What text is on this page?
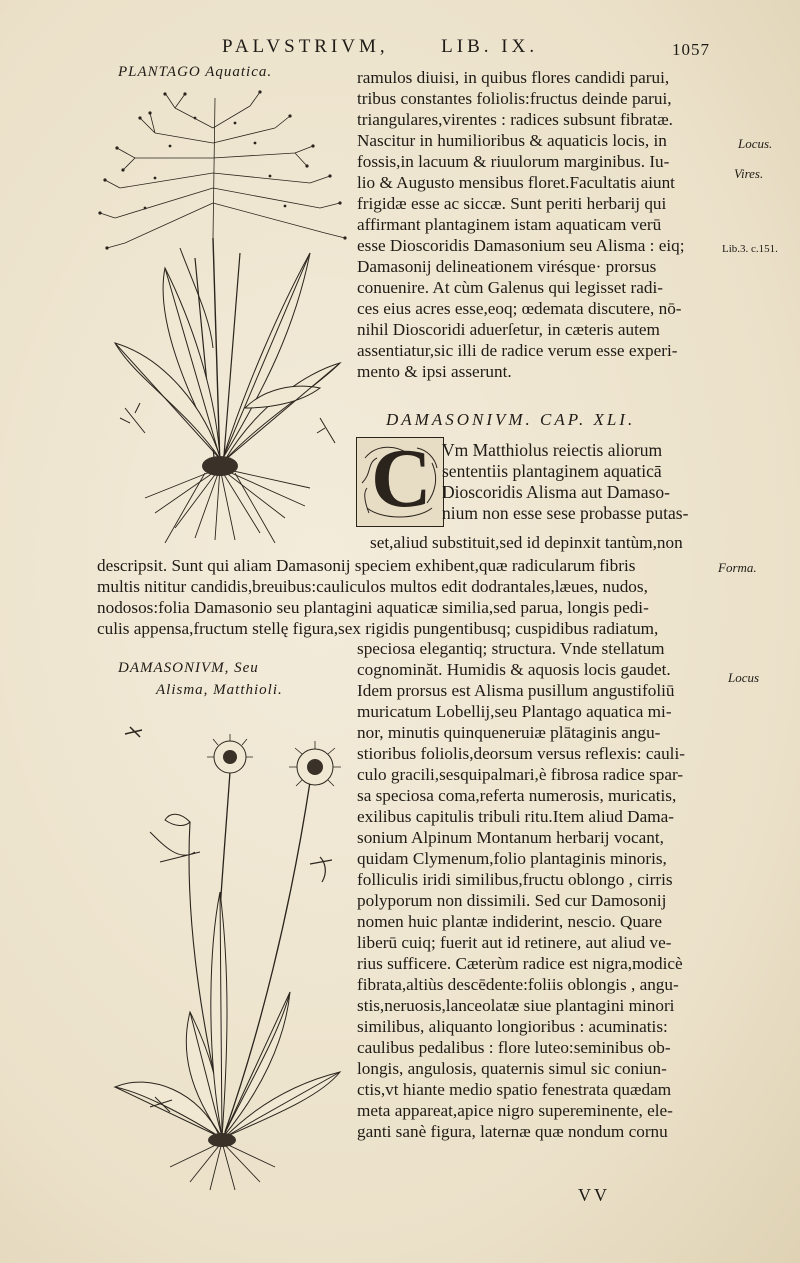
PALVSTRIVM,      LIB. IX.	1057
PLANTAGO Aquatica.	ramulos diuisi, in quibus flores candidi parui,
tribus constantes foliolis:fructus deinde parui,
triangulares,virentes : radices subsunt fibratæ.
Nascitur in humilioribus & aquaticis locis, in
fossis,in lacuum & riuulorum marginibus. Iu-
lio & Augusto mensibus floret.Facultatis aiunt
frigidæ esse ac siccæ. Sunt periti herbarij qui
affirmant plantaginem istam aquaticam verū
esse Dioscoridis Damasonium seu Alisma : eiq;
Damasonij delineationem virésque· prorsus
conuenire. At cùm Galenus qui legisset radi-
ces eius acres esse,eoq; œdemata discutere, nō-
nihil Dioscoridi aduerſetur, in cæteris autem
assentiatur,sic illi de radice verum esse experi-
mento & ipsi asserunt.
Locus.
Vires.
Lib.3. c.151.
Forma.
Locus
DAMASONIVM. CAP. XLI.
C Vm Matthiolus reiectis aliorum
sententiis plantaginem aquaticā
Dioscoridis Alisma aut Damaso-
nium non esse sese probasse putas-
set,aliud substituit,sed id depinxit tantùm,non
descripsit. Sunt qui aliam Damasonij speciem exhibent,quæ radicularum fibris
multis nititur candidis,breuibus:cauliculos multos edit dodrantales,læues, nudos,
nodosos:folia Damasonio seu plantagini aquaticæ similia,sed parua, longis pedi-
culis appensa,fructum stellę figura,sex rigidis pungentibusq; cuspidibus radiatum,
DAMASONIVM, Seu
Alisma, Matthioli.
speciosa elegantiq; structura. Vnde stellatum
cognominăt. Humidis & aquosis locis gaudet.
Idem prorsus est Alisma pusillum angustifoliū
muricatum Lobellij,seu Plantago aquatica mi-
nor, minutis quinqueneruiæ plātaginis angu-
stioribus foliolis,deorsum versus reflexis: cauli-
culo gracili,sesquipalmari,è fibrosa radice spar-
sa speciosa coma,referta numerosis, muricatis,
exilibus capitulis tribuli ritu.Item aliud Dama-
sonium Alpinum Montanum herbarij vocant,
quidam Clymenum,folio plantaginis minoris,
folliculis iridi similibus,fructu oblongo , cirris
polyporum non dissimili. Sed cur Damosonij
nomen huic plantæ indiderint, nescio. Quare
liberū cuiq; fuerit aut id retinere, aut aliud ve-
rius sufficere. Cæterùm radice est nigra,modicè
fibrata,altiùs descēdente:foliis oblongis , angu-
stis,neruosis,lanceolatæ siue plantagini minori
similibus, aliquanto longioribus : acuminatis:
caulibus pedalibus : flore luteo:seminibus ob-
longis, angulosis, quaternis simul sic coniun-
ctis,vt hiante medio spatio fenestrata quædam
meta appareat,apice nigro supereminente, ele-
ganti sanè figura, laternæ quæ nondum cornu
VV
